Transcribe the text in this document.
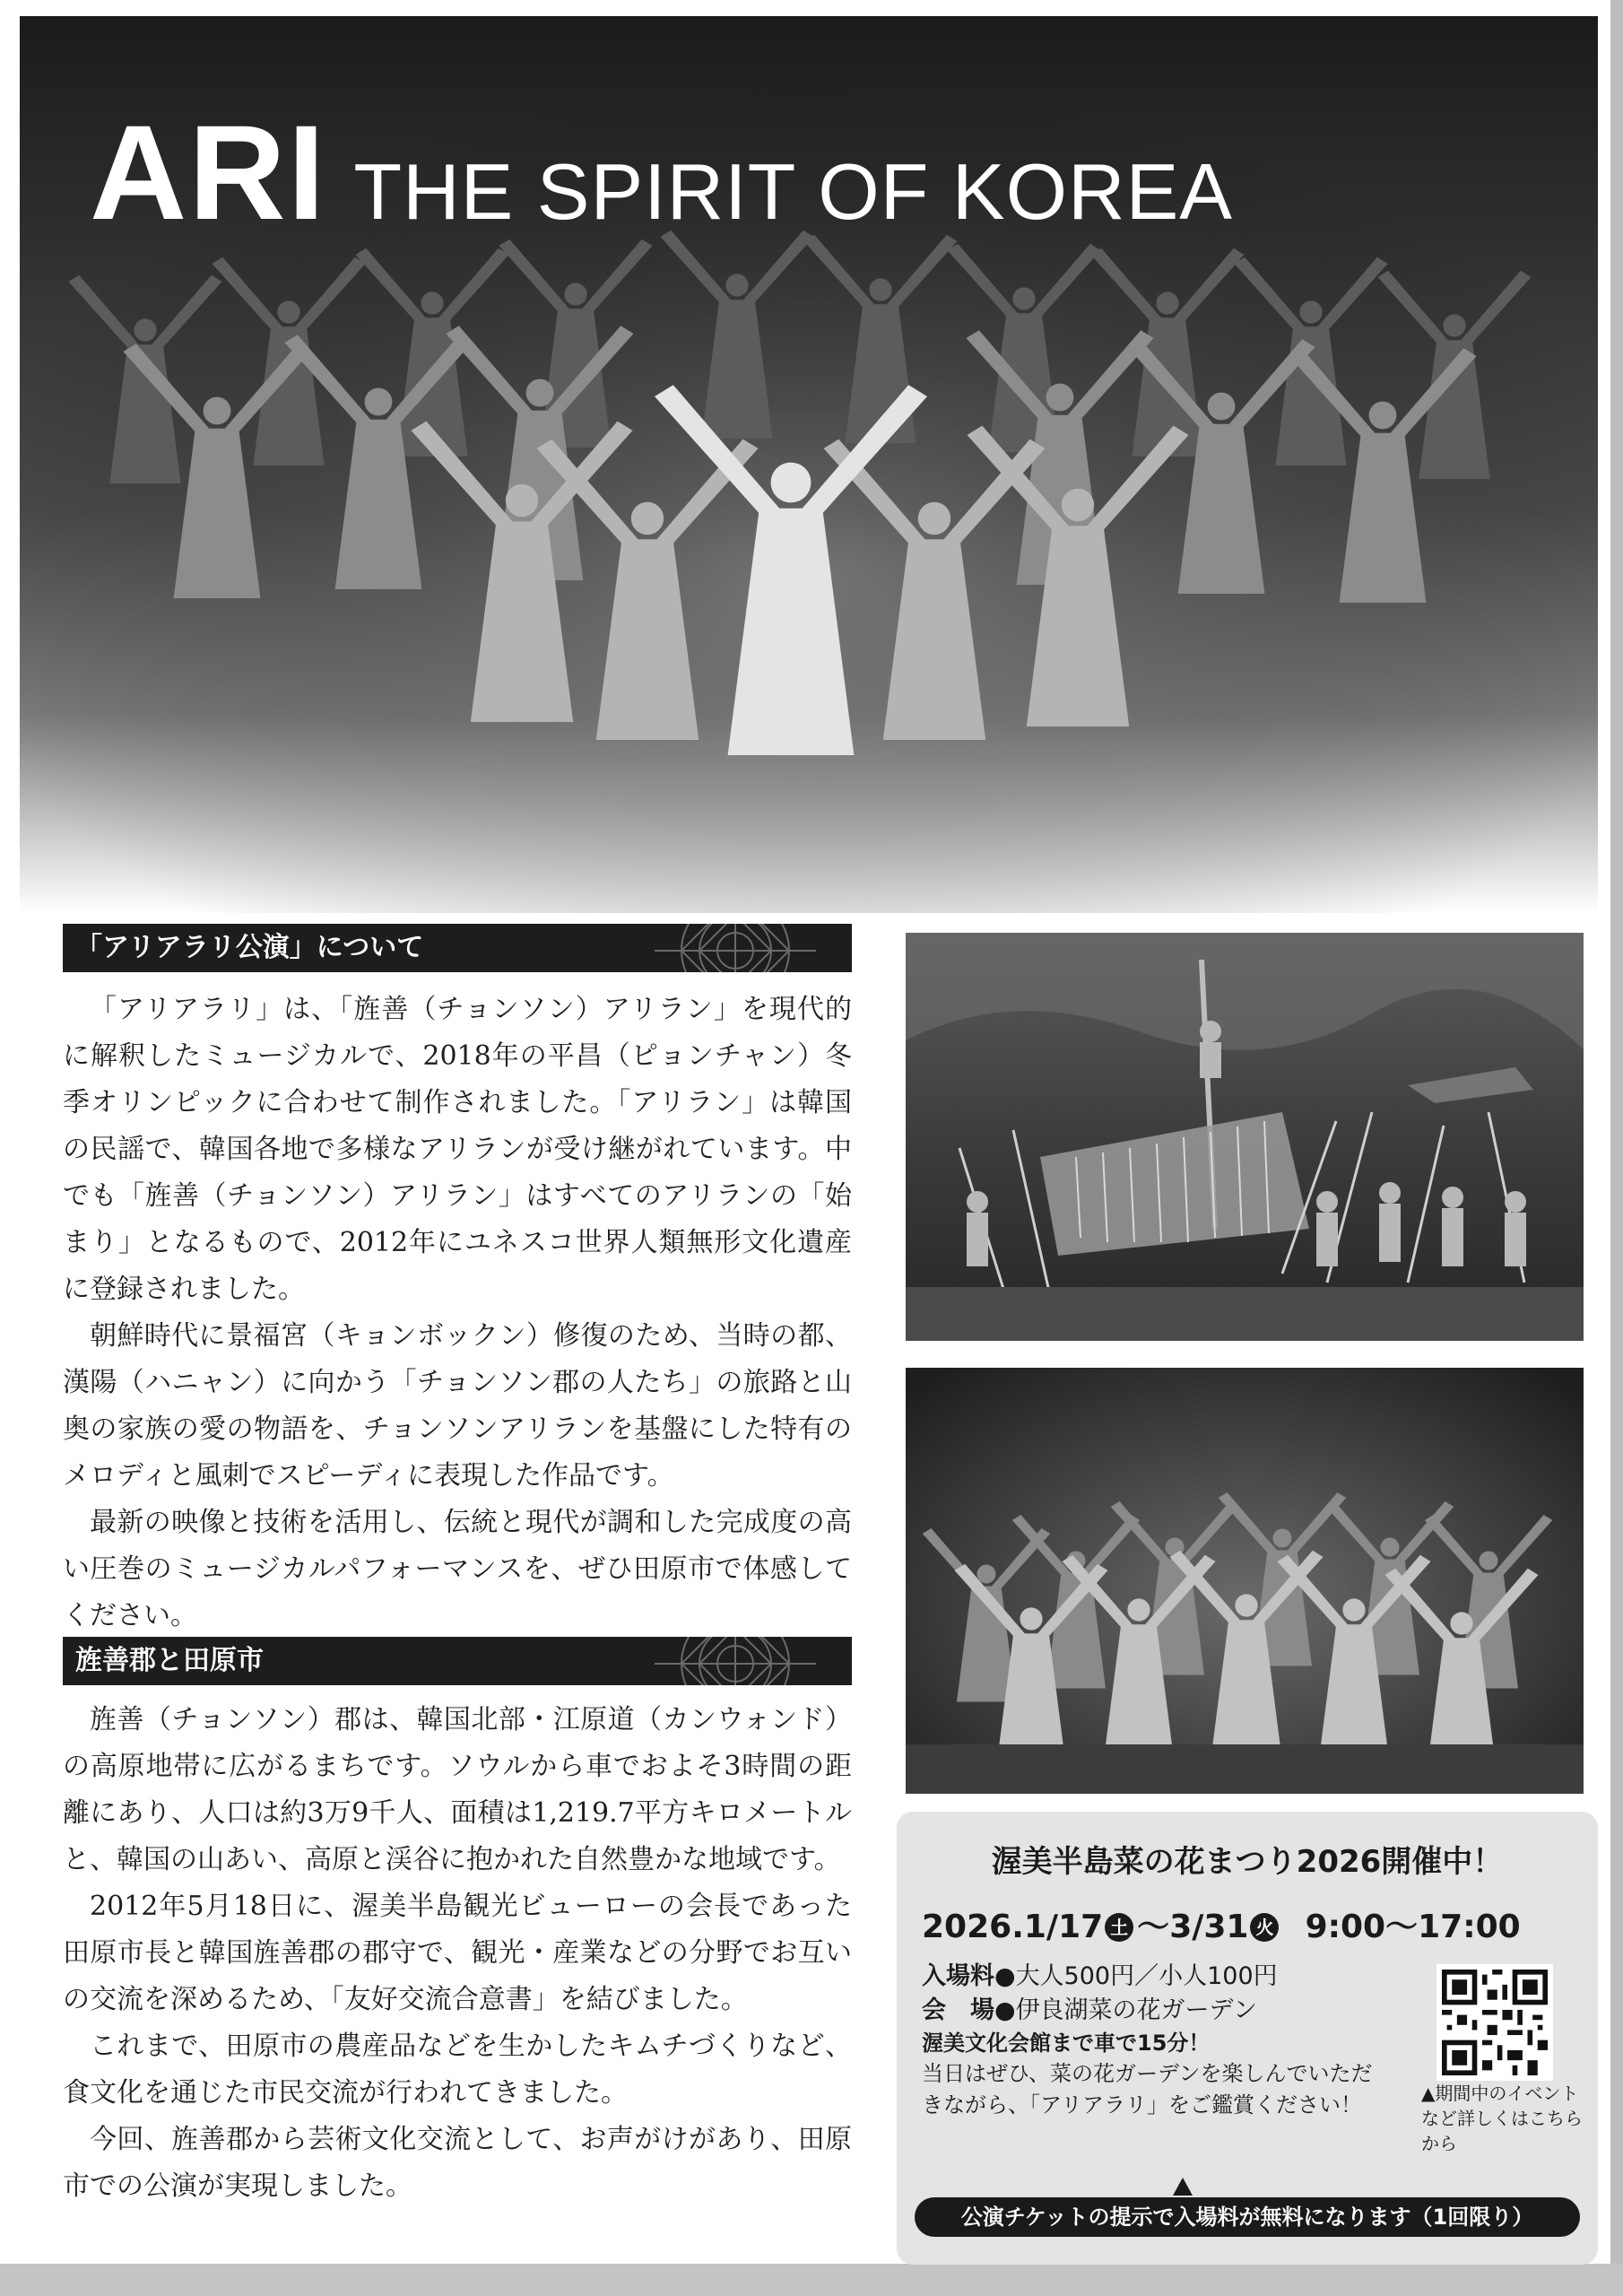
ARI THE SPIRIT OF KOREA
「アリアラリ公演」について

「アリアラリ」は、「旌善（チョンソン）アリラン」を現代的に解釈したミュージカルで、2018年の平昌（ピョンチャン）冬季オリンピックに合わせて制作されました。「アリラン」は韓国の民謡で、韓国各地で多様なアリランが受け継がれています。中でも「旌善（チョンソン）アリラン」はすべてのアリランの「始まり」となるもので、2012年にユネスコ世界人類無形文化遺産に登録されました。

朝鮮時代に景福宮（キョンボックン）修復のため、当時の都、漢陽（ハニャン）に向かう「チョンソン郡の人たち」の旅路と山奥の家族の愛の物語を、チョンソンアリランを基盤にした特有のメロディと風刺でスピーディに表現した作品です。

最新の映像と技術を活用し、伝統と現代が調和した完成度の高い圧巻のミュージカルパフォーマンスを、ぜひ田原市で体感してください。

旌善郡と田原市

旌善（チョンソン）郡は、韓国北部・江原道（カンウォンド）の高原地帯に広がるまちです。ソウルから車でおよそ3時間の距離にあり、人口は約3万9千人、面積は1,219.7平方キロメートルと、韓国の山あい、高原と渓谷に抱かれた自然豊かな地域です。

2012年5月18日に、渥美半島観光ビューローの会長であった田原市長と韓国旌善郡の郡守で、観光・産業などの分野でお互いの交流を深めるため、「友好交流合意書」を結びました。

これまで、田原市の農産品などを生かしたキムチづくりなど、食文化を通じた市民交流が行われてきました。

今回、旌善郡から芸術文化交流として、お声がけがあり、田原市での公演が実現しました。

渥美半島菜の花まつり2026開催中！
2026.1/17 土 ～3/31 火 9:00～17:00
入場料●大人500円／小人100円
会　場●伊良湖菜の花ガーデン
渥美文化会館まで車で15分！
当日はぜひ、菜の花ガーデンを楽しんでいただきながら、「アリアラリ」をご鑑賞ください！	▲期間中のイベントなど詳しくはこちらから
公演チケットの提示で入場料が無料になります（1回限り）
